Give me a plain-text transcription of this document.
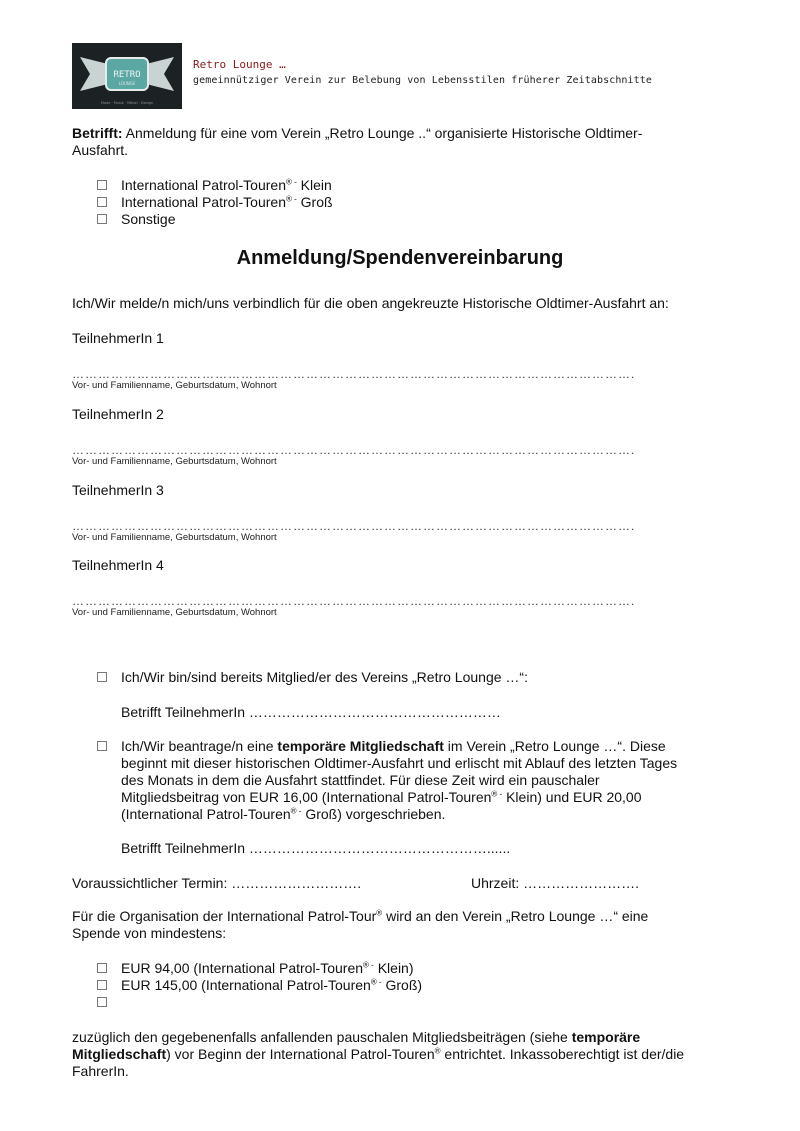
RETRO
LOUNGE
Mode · Musik · Möbel · Design
Retro Lounge …
gemeinnütziger Verein zur Belebung von Lebensstilen früherer Zeitabschnitte
Betrifft: Anmeldung für eine vom Verein „Retro Lounge ..“ organisierte Historische Oldtimer-
Ausfahrt.
International Patrol-Touren® - Klein
International Patrol-Touren® - Groß
Sonstige
Anmeldung/Spendenvereinbarung
Ich/Wir melde/n mich/uns verbindlich für die oben angekreuzte Historische Oldtimer-Ausfahrt an:
TeilnehmerIn 1
………………………………………………………………………………………………………………….
Vor- und Familienname, Geburtsdatum, Wohnort
TeilnehmerIn 2
………………………………………………………………………………………………………………….
Vor- und Familienname, Geburtsdatum, Wohnort
TeilnehmerIn 3
………………………………………………………………………………………………………………….
Vor- und Familienname, Geburtsdatum, Wohnort
TeilnehmerIn 4
………………………………………………………………………………………………………………….
Vor- und Familienname, Geburtsdatum, Wohnort
Ich/Wir bin/sind bereits Mitglied/er des Vereins „Retro Lounge …“:
Betrifft TeilnehmerIn ………………………………………………
Ich/Wir beantrage/n eine temporäre Mitgliedschaft im Verein „Retro Lounge …“. Diese
beginnt mit dieser historischen Oldtimer-Ausfahrt und erlischt mit Ablauf des letzten Tages
des Monats in dem die Ausfahrt stattfindet. Für diese Zeit wird ein pauschaler
Mitgliedsbeitrag von EUR 16,00 (International Patrol-Touren® - Klein) und EUR 20,00
(International Patrol-Touren® - Groß) vorgeschrieben.
Betrifft TeilnehmerIn ……………………………………………......
Voraussichtlicher Termin: ……………………….	Uhrzeit: …………………….
Für die Organisation der International Patrol-Tour® wird an den Verein „Retro Lounge …“ eine
Spende von mindestens:
EUR 94,00 (International Patrol-Touren® - Klein)
EUR 145,00 (International Patrol-Touren® - Groß)
zuzüglich den gegebenenfalls anfallenden pauschalen Mitgliedsbeiträgen (siehe temporäre
Mitgliedschaft) vor Beginn der International Patrol-Touren® entrichtet. Inkassoberechtigt ist der/die
FahrerIn.
